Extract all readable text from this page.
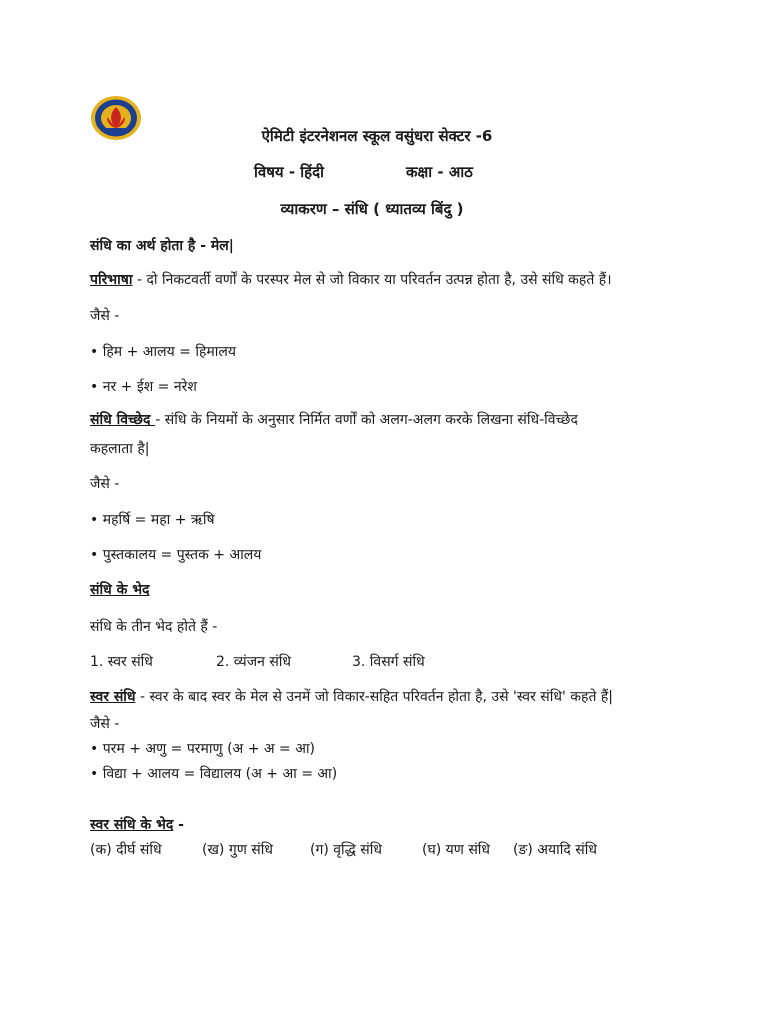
ऐमिटी इंटरनेशनल स्कूल वसुंधरा सेक्टर -6
विषय - हिंदी	कक्षा - आठ
व्याकरण – संधि ( ध्यातव्य बिंदु )
संधि का अर्थ होता है - मेल|
परिभाषा - दो निकटवर्ती वर्णों के परस्पर मेल से जो विकार या परिवर्तन उत्पन्न होता है, उसे संधि कहते हैं।
जैसे -
• हिम + आलय = हिमालय
• नर + ईश = नरेश
संधि विच्छेद - संधि के नियमों के अनुसार निर्मित वर्णों को अलग-अलग करके लिखना संधि-विच्छेद
कहलाता है|
जैसे -
• महर्षि = महा + ऋषि
• पुस्तकालय = पुस्तक + आलय
संधि के भेद
संधि के तीन भेद होते हैं -
1. स्वर संधि	2. व्यंजन संधि	3. विसर्ग संधि
स्वर संधि - स्वर के बाद स्वर के मेल से उनमें जो विकार-सहित परिवर्तन होता है, उसे 'स्वर संधि' कहते हैं|
जैसे -
• परम + अणु = परमाणु (अ + अ = आ)
• विद्या + आलय = विद्यालय (अ + आ = आ)
स्वर संधि के भेद -
(क) दीर्घ संधि	(ख) गुण संधि	(ग) वृद्धि संधि	(घ) यण संधि (ङ) अयादि संधि
